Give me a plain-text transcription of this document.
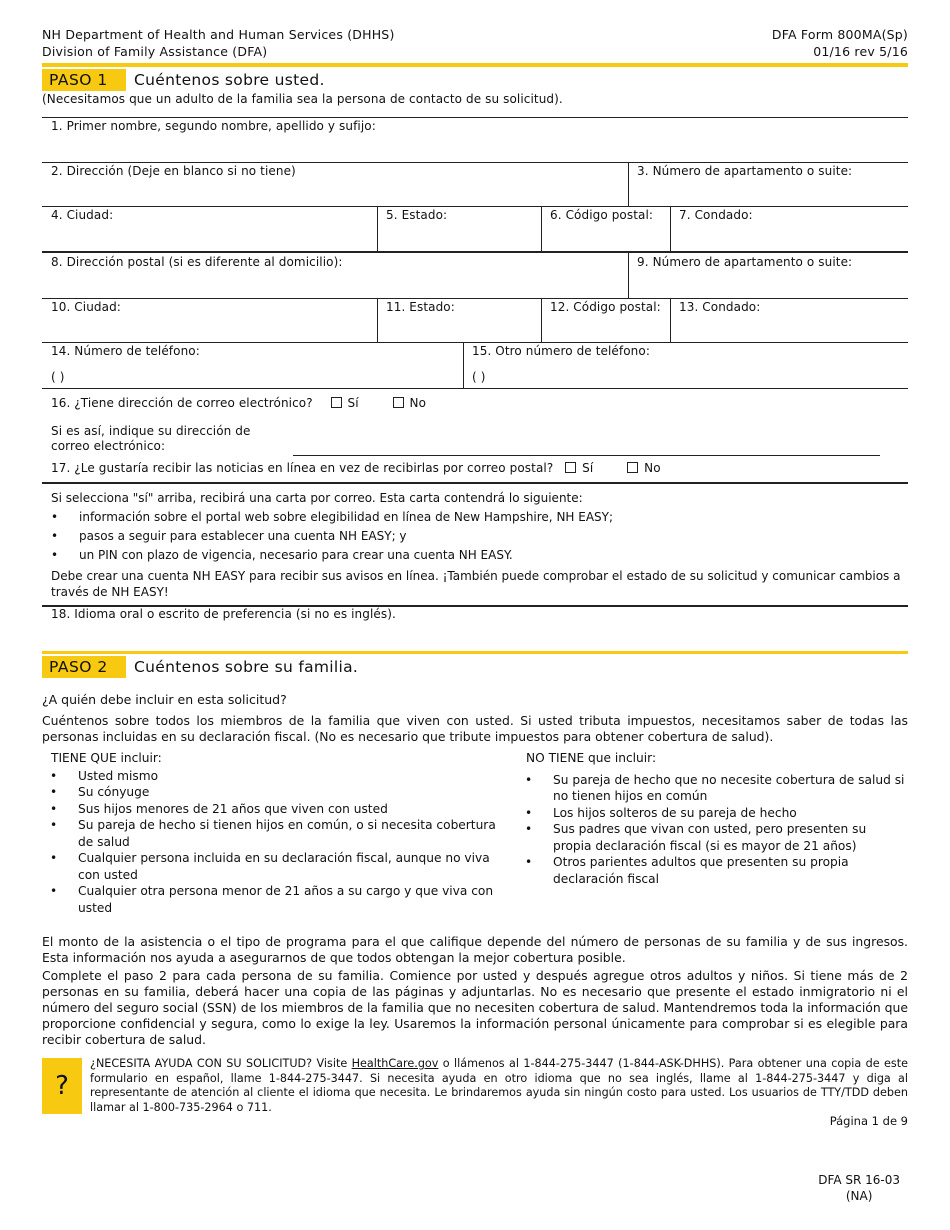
NH Department of Health and Human Services (DHHS)
Division of Family Assistance (DFA)
DFA Form 800MA(Sp)
01/16 rev 5/16
PASO 1	Cuéntenos sobre usted.
(Necesitamos que un adulto de la familia sea la persona de contacto de su solicitud).
1. Primer nombre, segundo nombre, apellido y sufijo:
2. Dirección (Deje en blanco si no tiene)	3. Número de apartamento o suite:
4. Ciudad:	5. Estado:	6. Código postal: 7. Condado:
8. Dirección postal (si es diferente al domicilio):	9. Número de apartamento o suite:
10. Ciudad:	11. Estado:	12. Código postal: 13. Condado:
14. Número de teléfono:
( )
15. Otro número de teléfono:
( )
16. ¿Tiene dirección de correo electrónico?	Sí	No
Si es así, indique su dirección de
correo electrónico:
17. ¿Le gustaría recibir las noticias en línea en vez de recibirlas por correo postal? Sí	No
Si selecciona "sí" arriba, recibirá una carta por correo. Esta carta contendrá lo siguiente:
• información sobre el portal web sobre elegibilidad en línea de New Hampshire, NH EASY;
• pasos a seguir para establecer una cuenta NH EASY; y
• un PIN con plazo de vigencia, necesario para crear una cuenta NH EASY.
Debe crear una cuenta NH EASY para recibir sus avisos en línea. ¡También puede comprobar el estado de su solicitud y comunicar cambios a través de NH EASY!
18. Idioma oral o escrito de preferencia (si no es inglés).
PASO 2	Cuéntenos sobre su familia.
¿A quién debe incluir en esta solicitud?
Cuéntenos sobre todos los miembros de la familia que viven con usted. Si usted tributa impuestos, necesitamos saber de todas las personas incluidas en su declaración fiscal. (No es necesario que tribute impuestos para obtener cobertura de salud).
TIENE QUE incluir:
• Usted mismo
• Su cónyuge
• Sus hijos menores de 21 años que viven con usted
• Su pareja de hecho si tienen hijos en común, o si necesita cobertura de salud
• Cualquier persona incluida en su declaración fiscal, aunque no viva con usted
• Cualquier otra persona menor de 21 años a su cargo y que viva con usted
NO TIENE que incluir:
• Su pareja de hecho que no necesite cobertura de salud si no tienen hijos en común
• Los hijos solteros de su pareja de hecho
• Sus padres que vivan con usted, pero presenten su propia declaración fiscal (si es mayor de 21 años)
• Otros parientes adultos que presenten su propia declaración fiscal
El monto de la asistencia o el tipo de programa para el que califique depende del número de personas de su familia y de sus ingresos. Esta información nos ayuda a asegurarnos de que todos obtengan la mejor cobertura posible.
Complete el paso 2 para cada persona de su familia. Comience por usted y después agregue otros adultos y niños. Si tiene más de 2 personas en su familia, deberá hacer una copia de las páginas y adjuntarlas. No es necesario que presente el estado inmigratorio ni el número del seguro social (SSN) de los miembros de la familia que no necesiten cobertura de salud. Mantendremos toda la información que proporcione confidencial y segura, como lo exige la ley. Usaremos la información personal únicamente para comprobar si es elegible para recibir cobertura de salud.
?
¿NECESITA AYUDA CON SU SOLICITUD? Visite HealthCare.gov o llámenos al 1-844-275-3447 (1-844-ASK-DHHS). Para obtener una copia de este formulario en español, llame 1-844-275-3447. Si necesita ayuda en otro idioma que no sea inglés, llame al 1-844-275-3447 y diga al representante de atención al cliente el idioma que necesita. Le brindaremos ayuda sin ningún costo para usted. Los usuarios de TTY/TDD deben llamar al 1-800-735-2964 o 711.
Página 1 de 9
DFA SR 16-03
(NA)
